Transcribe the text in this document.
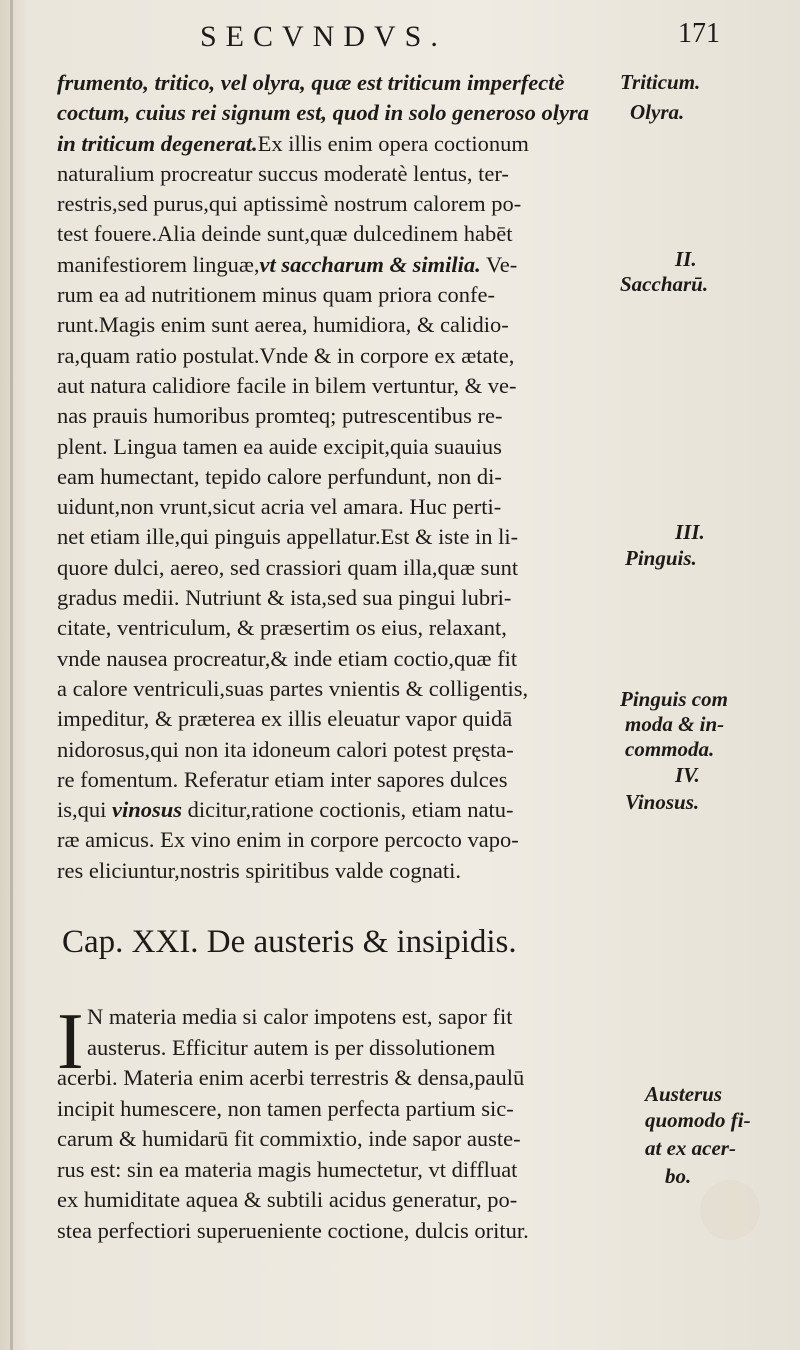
SECVNDVS.	171
frumento, tritico, vel olyra, quæ est triticum imperfectè
coctum, cuius rei signum est, quod in solo generoso olyra
in triticum degenerat.Ex illis enim opera coctionum
naturalium procreatur succus moderatè lentus, ter-
restris,sed purus,qui aptissimè nostrum calorem po-
test fouere.Alia deinde sunt,quæ dulcedinem habēt
manifestiorem linguæ,vt saccharum & similia. Ve-
rum ea ad nutritionem minus quam priora confe-
runt.Magis enim sunt aerea, humidiora, & calidio-
ra,quam ratio postulat.Vnde & in corpore ex ætate,
aut natura calidiore facile in bilem vertuntur, & ve-
nas prauis humoribus promteq; putrescentibus re-
plent. Lingua tamen ea auide excipit,quia suauius
eam humectant, tepido calore perfundunt, non di-
uidunt,non vrunt,sicut acria vel amara. Huc perti-
net etiam ille,qui pinguis appellatur.Est & iste in li-
quore dulci, aereo, sed crassiori quam illa,quæ sunt
gradus medii. Nutriunt & ista,sed sua pingui lubri-
citate, ventriculum, & præsertim os eius, relaxant,
vnde nausea procreatur,& inde etiam coctio,quæ fit
a calore ventriculi,suas partes vnientis & colligentis,
impeditur, & præterea ex illis eleuatur vapor quidā
nidorosus,qui non ita idoneum calori potest pręsta-
re fomentum. Referatur etiam inter sapores dulces
is,qui vinosus dicitur,ratione coctionis, etiam natu-
ræ amicus. Ex vino enim in corpore percocto vapo-
res eliciuntur,nostris spiritibus valde cognati.
Triticum.
Olyra.
II.
Saccharū.
III.
Pinguis.
Pinguis com
moda & in-
commoda.
IV.
Vinosus.
Austerus
quomodo fi-
at ex acer-
bo.
Cap. XXI. De austeris & insipidis.
I N materia media si calor impotens est, sapor fit
austerus. Efficitur autem is per dissolutionem
acerbi. Materia enim acerbi terrestris & densa,paulū
incipit humescere, non tamen perfecta partium sic-
carum & humidarū fit commixtio, inde sapor auste-
rus est: sin ea materia magis humectetur, vt diffluat
ex humiditate aquea & subtili acidus generatur, po-
stea perfectiori superueniente coctione, dulcis oritur.
